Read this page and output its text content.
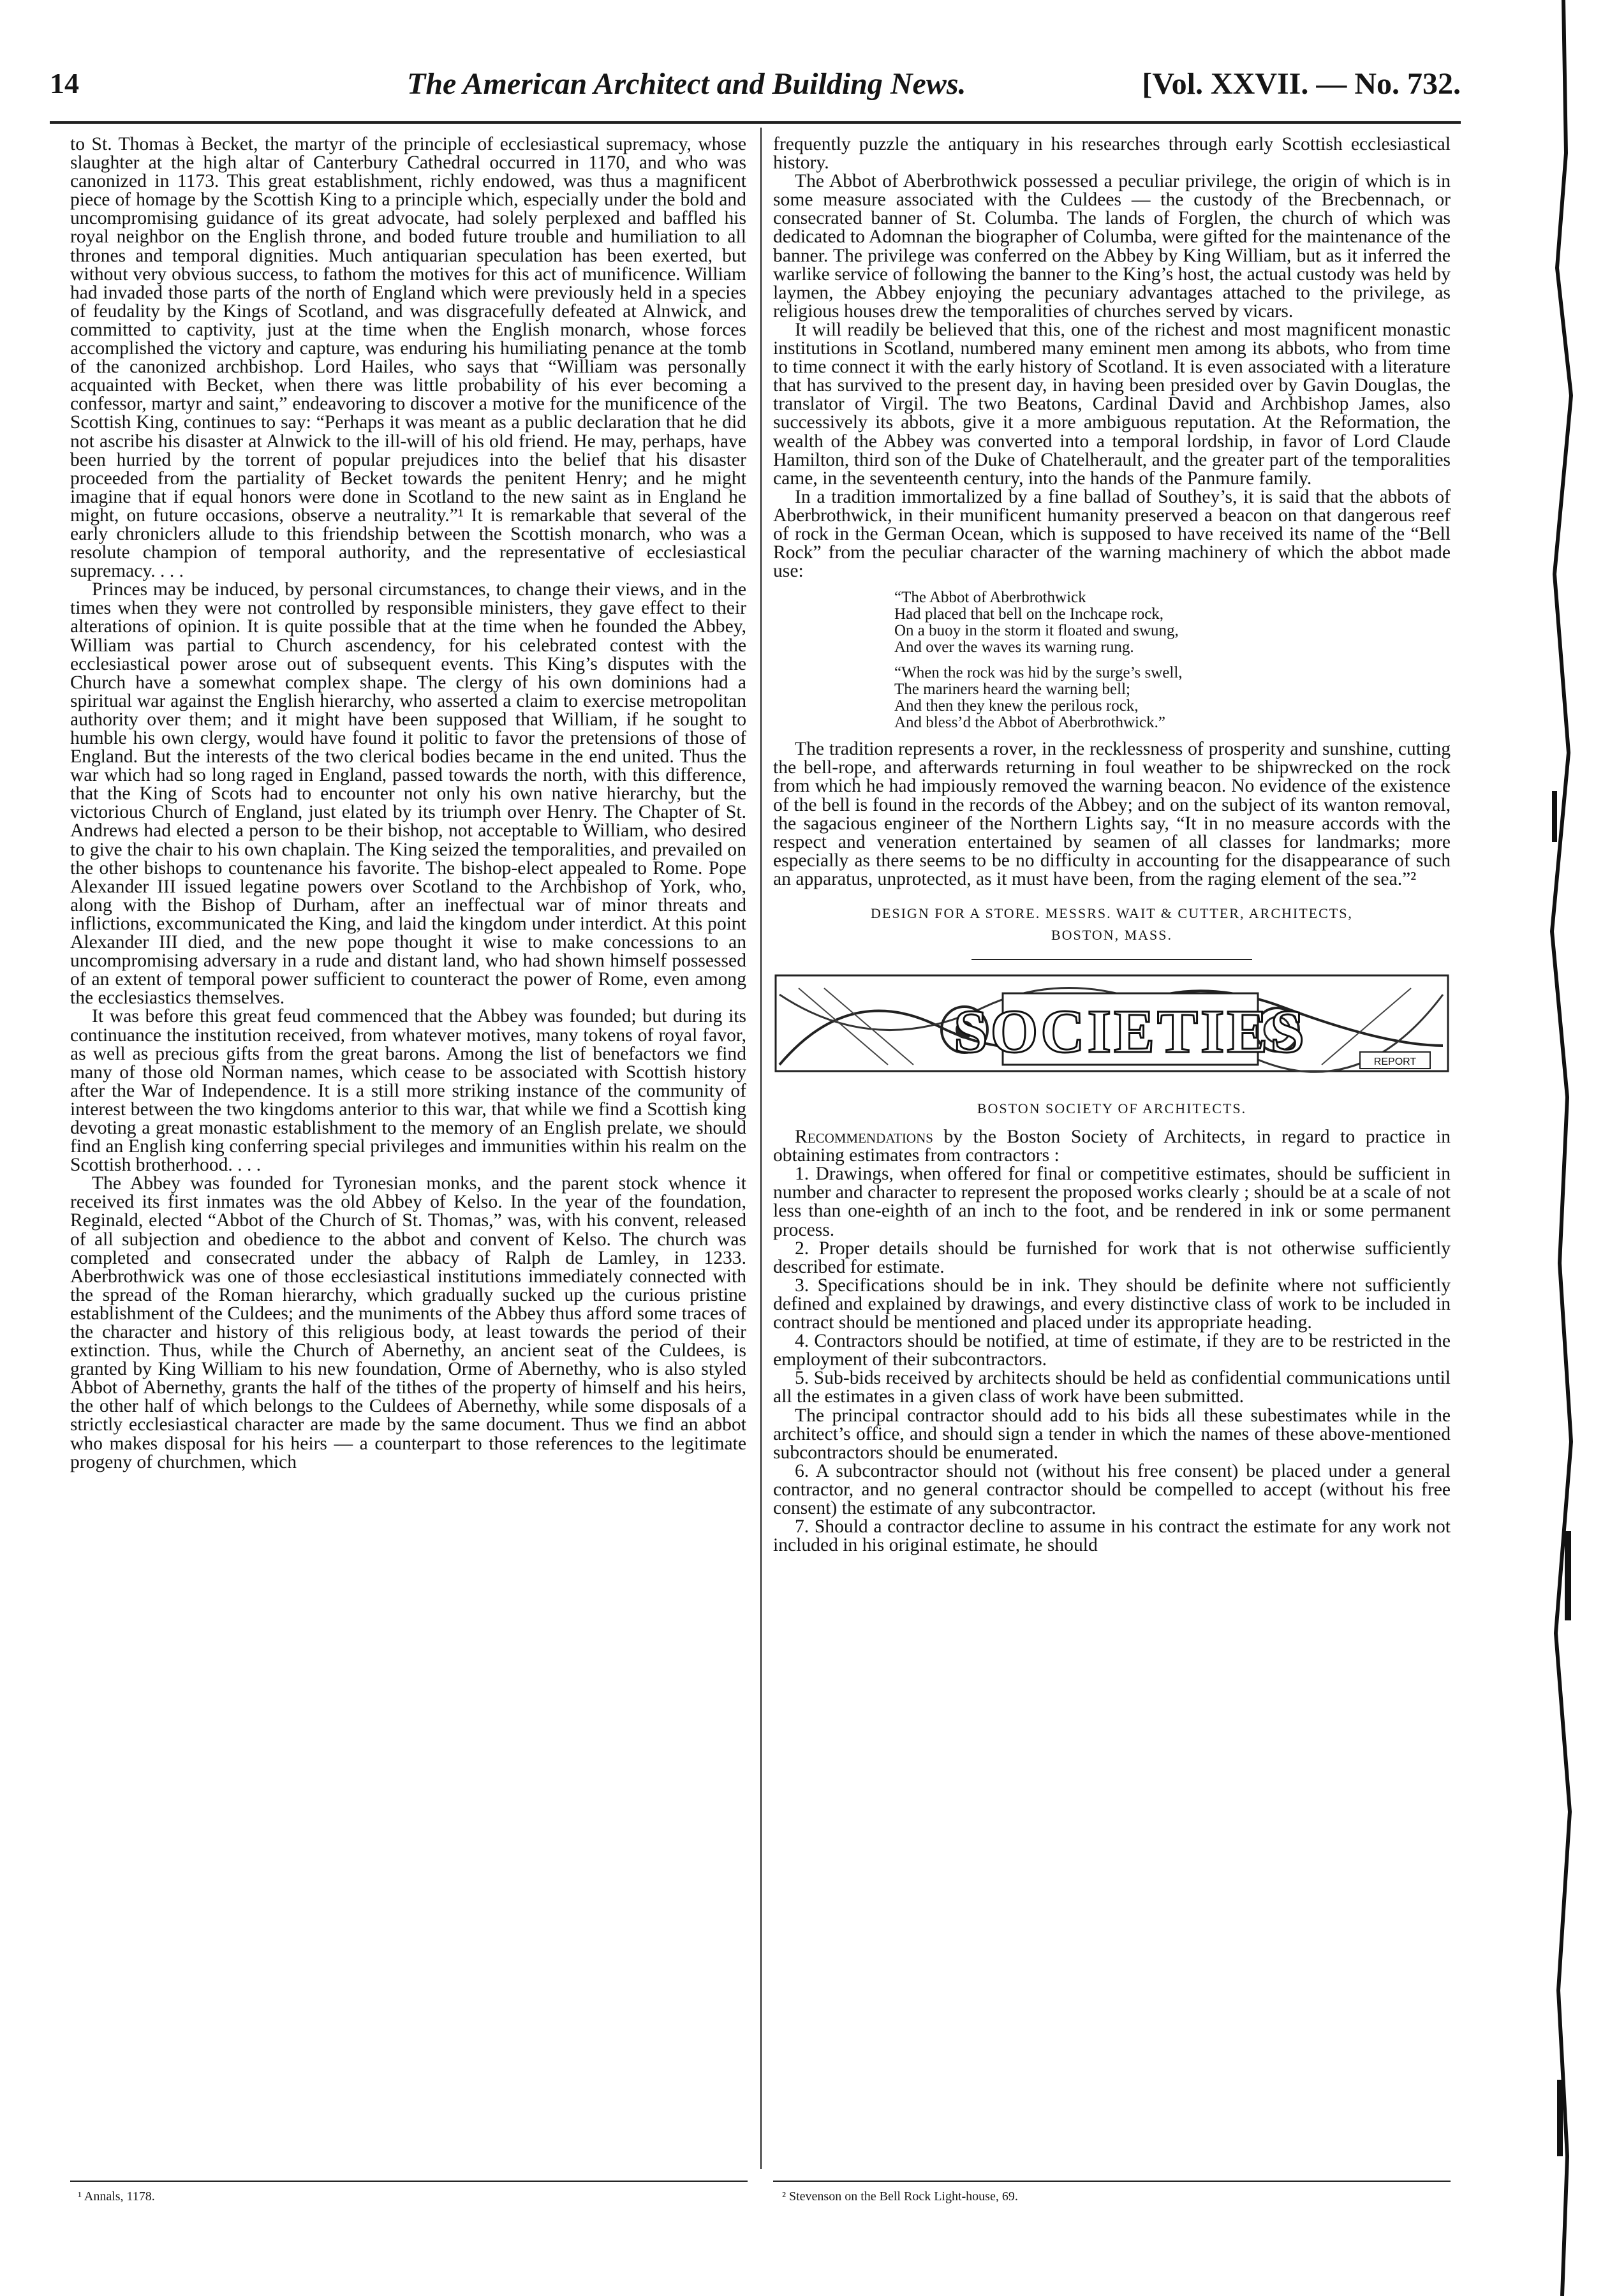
14	The American Architect and Building News.	[Vol. XXVII. — No. 732.

to St. Thomas à Becket, the martyr of the principle of ecclesiastical supremacy, whose slaughter at the high altar of Canterbury Cathedral occurred in 1170, and who was canonized in 1173. This great establishment, richly endowed, was thus a magnificent piece of homage by the Scottish King to a principle which, especially under the bold and uncompromising guidance of its great advocate, had solely perplexed and baffled his royal neighbor on the English throne, and boded future trouble and humiliation to all thrones and temporal dignities. Much antiquarian speculation has been exerted, but without very obvious success, to fathom the motives for this act of munificence. William had invaded those parts of the north of England which were previously held in a species of feudality by the Kings of Scotland, and was disgracefully defeated at Alnwick, and committed to captivity, just at the time when the English monarch, whose forces accomplished the victory and capture, was enduring his humiliating penance at the tomb of the canonized archbishop. Lord Hailes, who says that “William was personally acquainted with Becket, when there was little probability of his ever becoming a confessor, martyr and saint,” endeavoring to discover a motive for the munificence of the Scottish King, continues to say: “Perhaps it was meant as a public declaration that he did not ascribe his disaster at Alnwick to the ill-will of his old friend. He may, perhaps, have been hurried by the torrent of popular prejudices into the belief that his disaster proceeded from the partiality of Becket towards the penitent Henry; and he might imagine that if equal honors were done in Scotland to the new saint as in England he might, on future occasions, observe a neutrality.”¹ It is remarkable that several of the early chroniclers allude to this friendship between the Scottish monarch, who was a resolute champion of temporal authority, and the representative of ecclesiastical supremacy. . . .

Princes may be induced, by personal circumstances, to change their views, and in the times when they were not controlled by responsible ministers, they gave effect to their alterations of opinion. It is quite possible that at the time when he founded the Abbey, William was partial to Church ascendency, for his celebrated contest with the ecclesiastical power arose out of subsequent events. This King’s disputes with the Church have a somewhat complex shape. The clergy of his own dominions had a spiritual war against the English hierarchy, who asserted a claim to exercise metropolitan authority over them; and it might have been supposed that William, if he sought to humble his own clergy, would have found it politic to favor the pretensions of those of England. But the interests of the two clerical bodies became in the end united. Thus the war which had so long raged in England, passed towards the north, with this difference, that the King of Scots had to encounter not only his own native hierarchy, but the victorious Church of England, just elated by its triumph over Henry. The Chapter of St. Andrews had elected a person to be their bishop, not acceptable to William, who desired to give the chair to his own chaplain. The King seized the temporalities, and prevailed on the other bishops to countenance his favorite. The bishop-elect appealed to Rome. Pope Alexander III issued legatine powers over Scotland to the Archbishop of York, who, along with the Bishop of Durham, after an ineffectual war of minor threats and inflictions, excommunicated the King, and laid the kingdom under interdict. At this point Alexander III died, and the new pope thought it wise to make concessions to an uncompromising adversary in a rude and distant land, who had shown himself possessed of an extent of temporal power sufficient to counteract the power of Rome, even among the ecclesiastics themselves.

It was before this great feud commenced that the Abbey was founded; but during its continuance the institution received, from whatever motives, many tokens of royal favor, as well as precious gifts from the great barons. Among the list of benefactors we find many of those old Norman names, which cease to be associated with Scottish history after the War of Independence. It is a still more striking instance of the community of interest between the two kingdoms anterior to this war, that while we find a Scottish king devoting a great monastic establishment to the memory of an English prelate, we should find an English king conferring special privileges and immunities within his realm on the Scottish brotherhood. . . .

The Abbey was founded for Tyronesian monks, and the parent stock whence it received its first inmates was the old Abbey of Kelso. In the year of the foundation, Reginald, elected “Abbot of the Church of St. Thomas,” was, with his convent, released of all subjection and obedience to the abbot and convent of Kelso. The church was completed and consecrated under the abbacy of Ralph de Lamley, in 1233. Aberbrothwick was one of those ecclesiastical institutions immediately connected with the spread of the Roman hierarchy, which gradually sucked up the curious pristine establishment of the Culdees; and the muniments of the Abbey thus afford some traces of the character and history of this religious body, at least towards the period of their extinction. Thus, while the Church of Abernethy, an ancient seat of the Culdees, is granted by King William to his new foundation, Orme of Abernethy, who is also styled Abbot of Abernethy, grants the half of the tithes of the property of himself and his heirs, the other half of which belongs to the Culdees of Abernethy, while some disposals of a strictly ecclesiastical character are made by the same document. Thus we find an abbot who makes disposal for his heirs — a counterpart to those references to the legitimate progeny of churchmen, which

frequently puzzle the antiquary in his researches through early Scottish ecclesiastical history.

The Abbot of Aberbrothwick possessed a peculiar privilege, the origin of which is in some measure associated with the Culdees — the custody of the Brecbennach, or consecrated banner of St. Columba. The lands of Forglen, the church of which was dedicated to Adomnan the biographer of Columba, were gifted for the maintenance of the banner. The privilege was conferred on the Abbey by King William, but as it inferred the warlike service of following the banner to the King’s host, the actual custody was held by laymen, the Abbey enjoying the pecuniary advantages attached to the privilege, as religious houses drew the temporalities of churches served by vicars.

It will readily be believed that this, one of the richest and most magnificent monastic institutions in Scotland, numbered many eminent men among its abbots, who from time to time connect it with the early history of Scotland. It is even associated with a literature that has survived to the present day, in having been presided over by Gavin Douglas, the translator of Virgil. The two Beatons, Cardinal David and Archbishop James, also successively its abbots, give it a more ambiguous reputation. At the Reformation, the wealth of the Abbey was converted into a temporal lordship, in favor of Lord Claude Hamilton, third son of the Duke of Chatelherault, and the greater part of the temporalities came, in the seventeenth century, into the hands of the Panmure family.

In a tradition immortalized by a fine ballad of Southey’s, it is said that the abbots of Aberbrothwick, in their munificent humanity preserved a beacon on that dangerous reef of rock in the German Ocean, which is supposed to have received its name of the “Bell Rock” from the peculiar character of the warning machinery of which the abbot made use:

“The Abbot of Aberbrothwick

Had placed that bell on the Inchcape rock,

On a buoy in the storm it floated and swung,

And over the waves its warning rung.

“When the rock was hid by the surge’s swell,

The mariners heard the warning bell;

And then they knew the perilous rock,

And bless’d the Abbot of Aberbrothwick.”

The tradition represents a rover, in the recklessness of prosperity and sunshine, cutting the bell-rope, and afterwards returning in foul weather to be shipwrecked on the rock from which he had impiously removed the warning beacon. No evidence of the existence of the bell is found in the records of the Abbey; and on the subject of its wanton removal, the sagacious engineer of the Northern Lights say, “It in no measure accords with the respect and veneration entertained by seamen of all classes for landmarks; more especially as there seems to be no difficulty in accounting for the disappearance of such an apparatus, unprotected, as it must have been, from the raging element of the sea.”²

DESIGN FOR A STORE. MESSRS. WAIT & CUTTER, ARCHITECTS,
BOSTON, MASS.
SOCIETIES	REPORT
BOSTON SOCIETY OF ARCHITECTS.

Recommendations by the Boston Society of Architects, in regard to practice in obtaining estimates from contractors :

1. Drawings, when offered for final or competitive estimates, should be sufficient in number and character to represent the proposed works clearly ; should be at a scale of not less than one-eighth of an inch to the foot, and be rendered in ink or some permanent process.

2. Proper details should be furnished for work that is not otherwise sufficiently described for estimate.

3. Specifications should be in ink. They should be definite where not sufficiently defined and explained by drawings, and every distinctive class of work to be included in contract should be mentioned and placed under its appropriate heading.

4. Contractors should be notified, at time of estimate, if they are to be restricted in the employment of their subcontractors.

5. Sub-bids received by architects should be held as confidential communications until all the estimates in a given class of work have been submitted.

The principal contractor should add to his bids all these subestimates while in the architect’s office, and should sign a tender in which the names of these above-mentioned subcontractors should be enumerated.

6. A subcontractor should not (without his free consent) be placed under a general contractor, and no general contractor should be compelled to accept (without his free consent) the estimate of any subcontractor.

7. Should a contractor decline to assume in his contract the estimate for any work not included in his original estimate, he should

¹ Annals, 1178.	² Stevenson on the Bell Rock Light-house, 69.
